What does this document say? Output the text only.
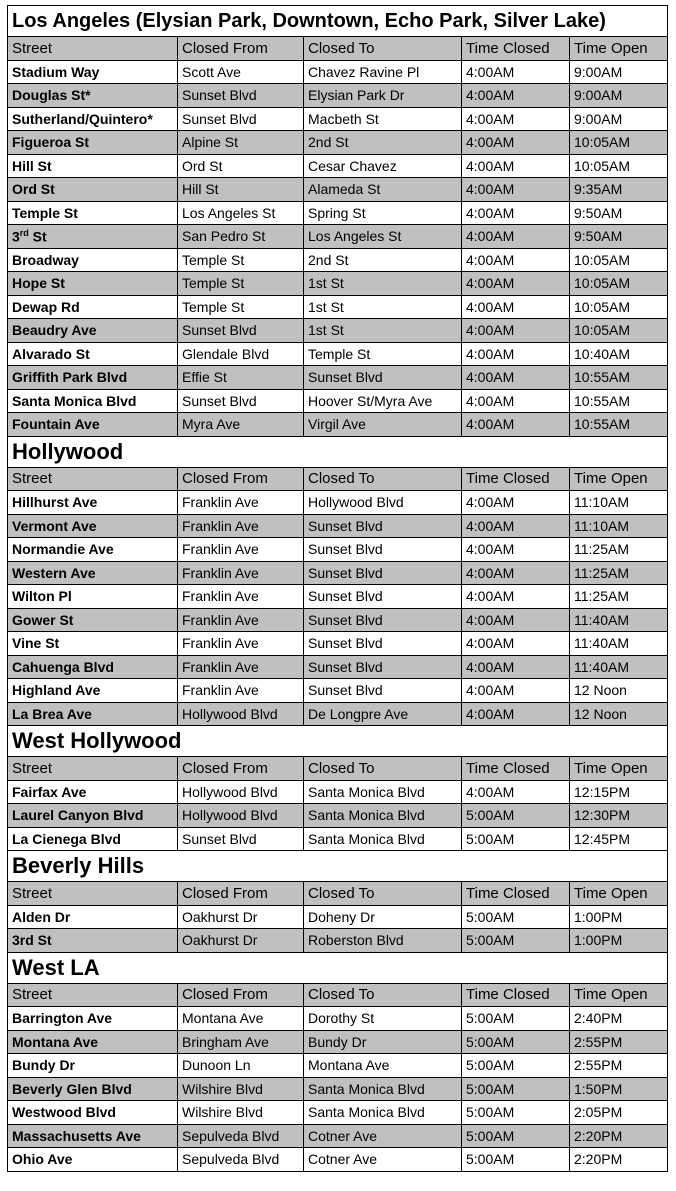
Los Angeles (Elysian Park, Downtown, Echo Park, Silver Lake)				
Street	Closed From	Closed To	Time Closed	Time Open
Stadium Way	Scott Ave	Chavez Ravine Pl	4:00AM	9:00AM
Douglas St*	Sunset Blvd	Elysian Park Dr	4:00AM	9:00AM
Sutherland/Quintero*	Sunset Blvd	Macbeth St	4:00AM	9:00AM
Figueroa St	Alpine St	2nd St	4:00AM	10:05AM
Hill St	Ord St	Cesar Chavez	4:00AM	10:05AM
Ord St	Hill St	Alameda St	4:00AM	9:35AM
Temple St	Los Angeles St	Spring St	4:00AM	9:50AM
3rd St	San Pedro St	Los Angeles St	4:00AM	9:50AM
Broadway	Temple St	2nd St	4:00AM	10:05AM
Hope St	Temple St	1st St	4:00AM	10:05AM
Dewap Rd	Temple St	1st St	4:00AM	10:05AM
Beaudry Ave	Sunset Blvd	1st St	4:00AM	10:05AM
Alvarado St	Glendale Blvd	Temple St	4:00AM	10:40AM
Griffith Park Blvd	Effie St	Sunset Blvd	4:00AM	10:55AM
Santa Monica Blvd	Sunset Blvd	Hoover St/Myra Ave	4:00AM	10:55AM
Fountain Ave	Myra Ave	Virgil Ave	4:00AM	10:55AM
Hollywood				
Street	Closed From	Closed To	Time Closed	Time Open
Hillhurst Ave	Franklin Ave	Hollywood Blvd	4:00AM	11:10AM
Vermont Ave	Franklin Ave	Sunset Blvd	4:00AM	11:10AM
Normandie Ave	Franklin Ave	Sunset Blvd	4:00AM	11:25AM
Western Ave	Franklin Ave	Sunset Blvd	4:00AM	11:25AM
Wilton Pl	Franklin Ave	Sunset Blvd	4:00AM	11:25AM
Gower St	Franklin Ave	Sunset Blvd	4:00AM	11:40AM
Vine St	Franklin Ave	Sunset Blvd	4:00AM	11:40AM
Cahuenga Blvd	Franklin Ave	Sunset Blvd	4:00AM	11:40AM
Highland Ave	Franklin Ave	Sunset Blvd	4:00AM	12 Noon
La Brea Ave	Hollywood Blvd	De Longpre Ave	4:00AM	12 Noon
West Hollywood				
Street	Closed From	Closed To	Time Closed	Time Open
Fairfax Ave	Hollywood Blvd	Santa Monica Blvd	4:00AM	12:15PM
Laurel Canyon Blvd	Hollywood Blvd	Santa Monica Blvd	5:00AM	12:30PM
La Cienega Blvd	Sunset Blvd	Santa Monica Blvd	5:00AM	12:45PM
Beverly Hills				
Street	Closed From	Closed To	Time Closed	Time Open
Alden Dr	Oakhurst Dr	Doheny Dr	5:00AM	1:00PM
3rd St	Oakhurst Dr	Roberston Blvd	5:00AM	1:00PM
West LA				
Street	Closed From	Closed To	Time Closed	Time Open
Barrington Ave	Montana Ave	Dorothy St	5:00AM	2:40PM
Montana Ave	Bringham Ave	Bundy Dr	5:00AM	2:55PM
Bundy Dr	Dunoon Ln	Montana Ave	5:00AM	2:55PM
Beverly Glen Blvd	Wilshire Blvd	Santa Monica Blvd	5:00AM	1:50PM
Westwood Blvd	Wilshire Blvd	Santa Monica Blvd	5:00AM	2:05PM
Massachusetts Ave	Sepulveda Blvd	Cotner Ave	5:00AM	2:20PM
Ohio Ave	Sepulveda Blvd	Cotner Ave	5:00AM	2:20PM
